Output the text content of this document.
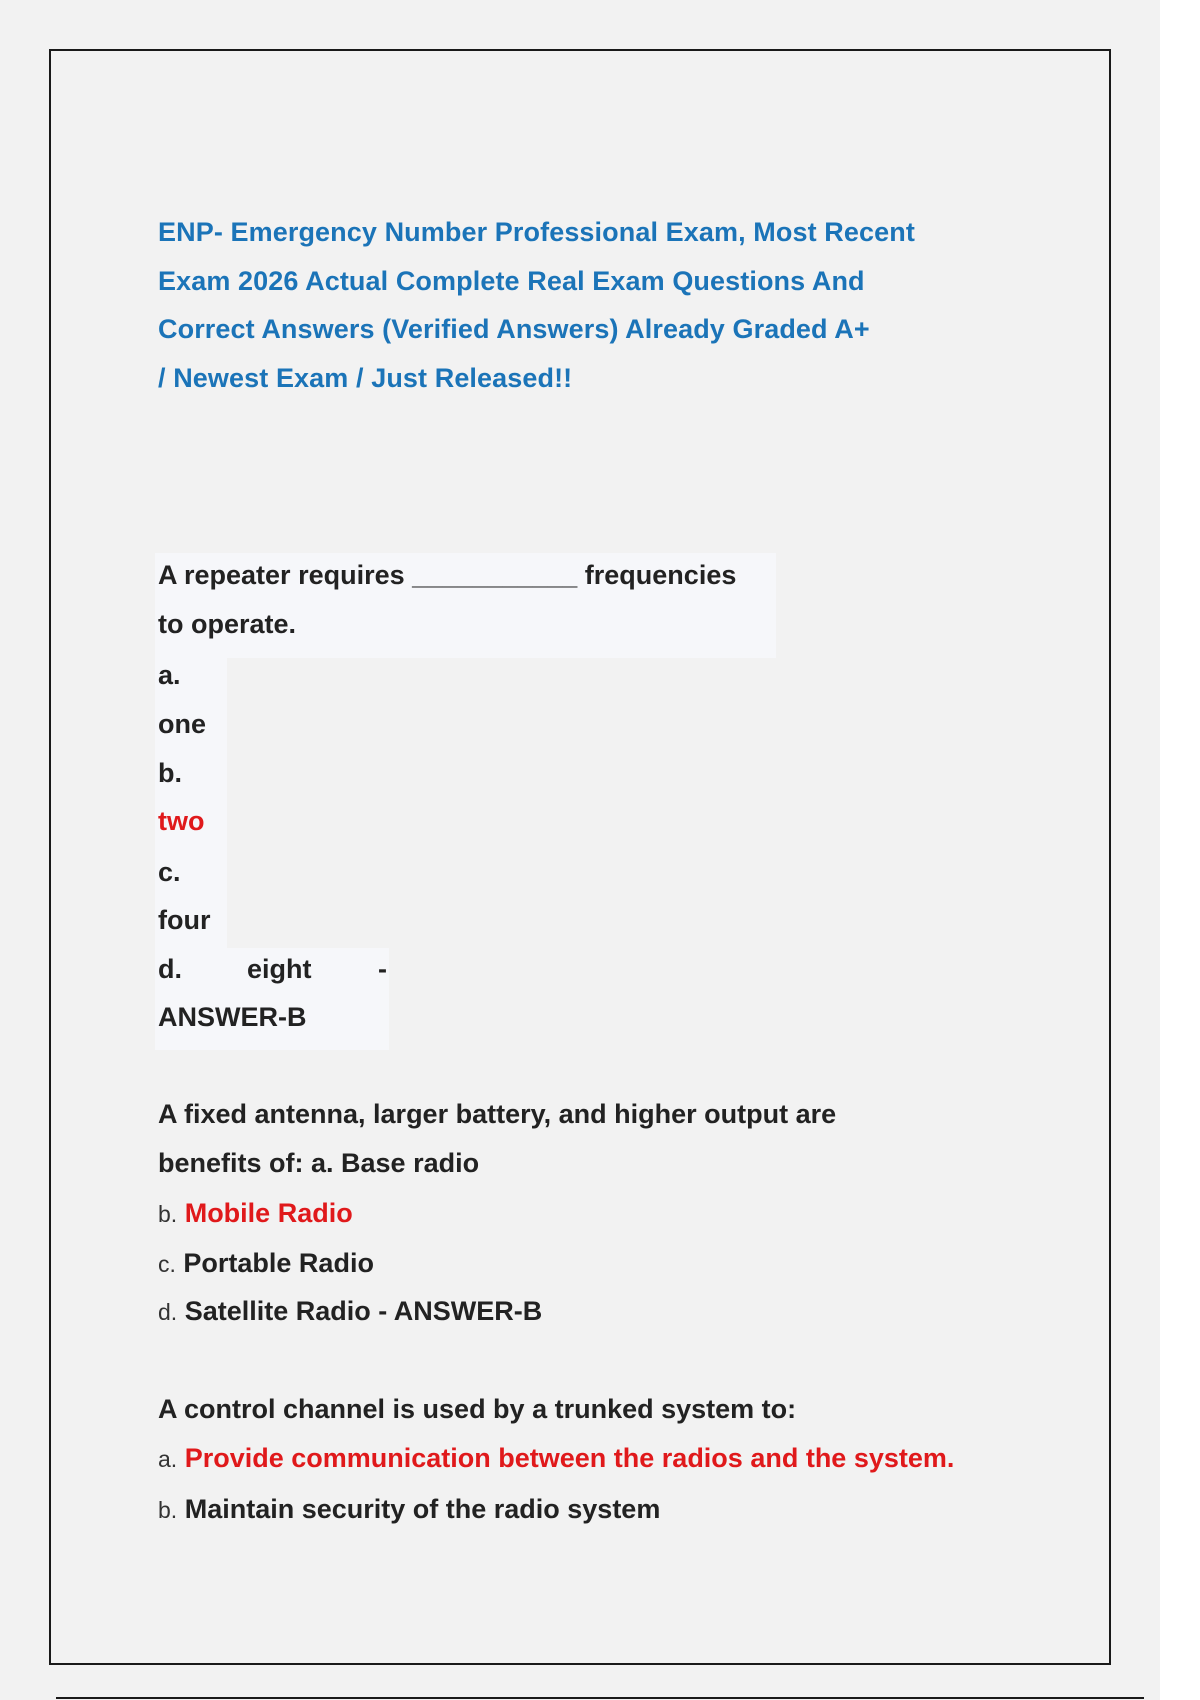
ENP- Emergency Number Professional Exam, Most Recent
Exam 2026 Actual Complete Real Exam Questions And
Correct Answers (Verified Answers) Already Graded A+
/ Newest Exam / Just Released!!
A repeater requires ___________ frequencies
to operate.
a.
one
b.
two
c.
four
d. eight -
ANSWER-B
A fixed antenna, larger battery, and higher output are
benefits of: a. Base radio
b. Mobile Radio
c. Portable Radio
d. Satellite Radio - ANSWER-B
A control channel is used by a trunked system to:
a. Provide communication between the radios and the system.
b. Maintain security of the radio system
